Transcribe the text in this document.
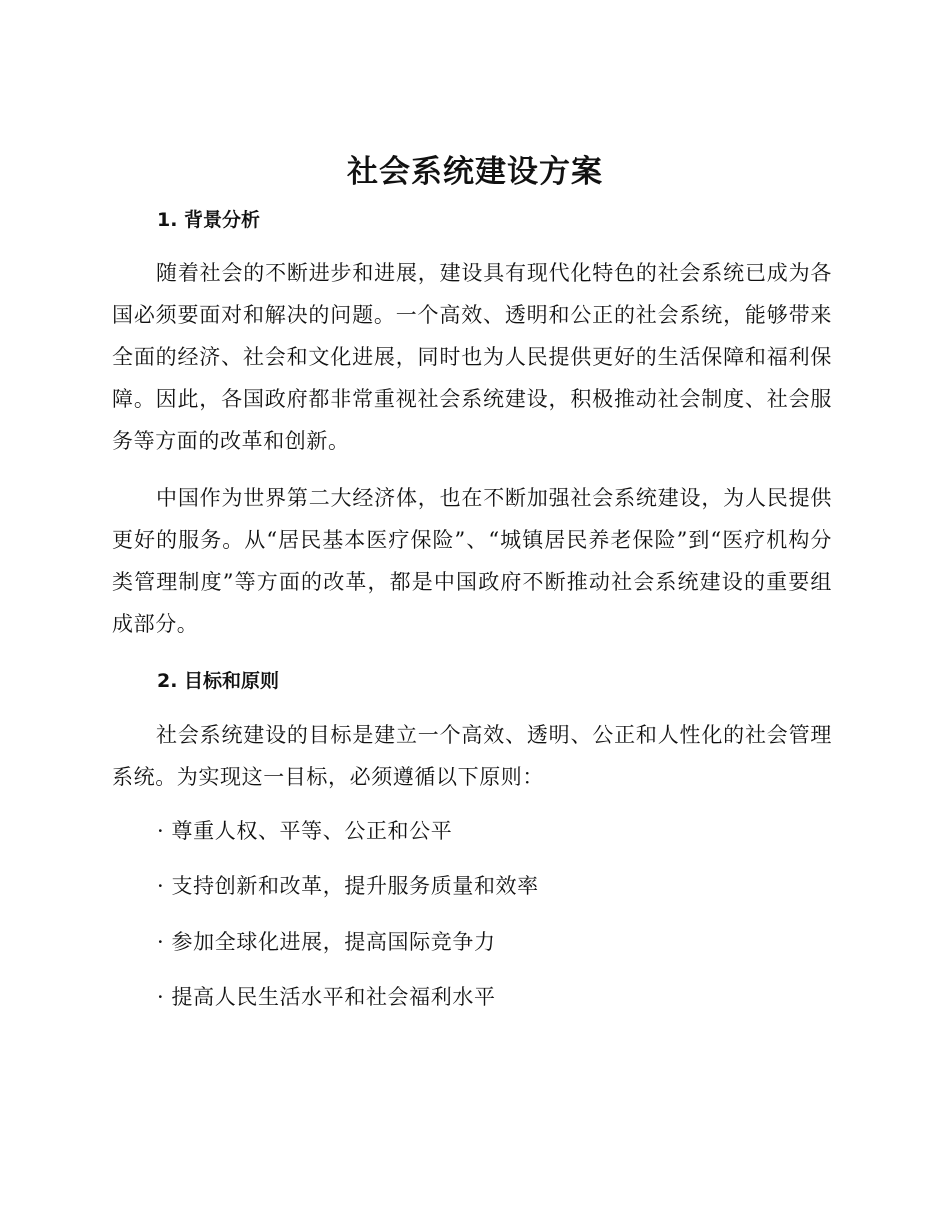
社会系统建设方案
1. 背景分析

随着社会的不断进步和进展，建设具有现代化特色的社会系统已成为各国必须要面对和解决的问题。一个高效、透明和公正的社会系统，能够带来全面的经济、社会和文化进展，同时也为人民提供更好的生活保障和福利保障。因此，各国政府都非常重视社会系统建设，积极推动社会制度、社会服务等方面的改革和创新。

中国作为世界第二大经济体，也在不断加强社会系统建设，为人民提供更好的服务。从“居民基本医疗保险”、“城镇居民养老保险”到“医疗机构分类管理制度”等方面的改革，都是中国政府不断推动社会系统建设的重要组成部分。

2. 目标和原则

社会系统建设的目标是建立一个高效、透明、公正和人性化的社会管理系统。为实现这一目标，必须遵循以下原则：

· 尊重人权、平等、公正和公平

· 支持创新和改革，提升服务质量和效率

· 参加全球化进展，提高国际竞争力

· 提高人民生活水平和社会福利水平
